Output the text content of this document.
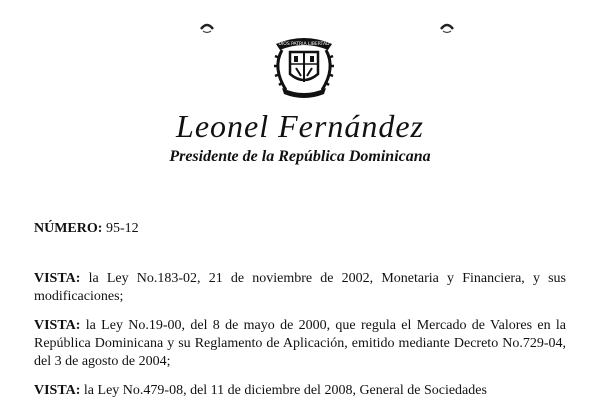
DIOS PATRIA LIBERTAD
Leonel Fernández
Presidente de la República Dominicana
NÚMERO: 95-12
VISTA: la Ley No.183-02, 21 de noviembre de 2002, Monetaria y Financiera, y sus modificaciones;
VISTA: la Ley No.19-00, del 8 de mayo de 2000, que regula el Mercado de Valores en la República Dominicana y su Reglamento de Aplicación, emitido mediante Decreto No.729-04, del 3 de agosto de 2004;
VISTA: la Ley No.479-08, del 11 de diciembre del 2008, General de Sociedades
